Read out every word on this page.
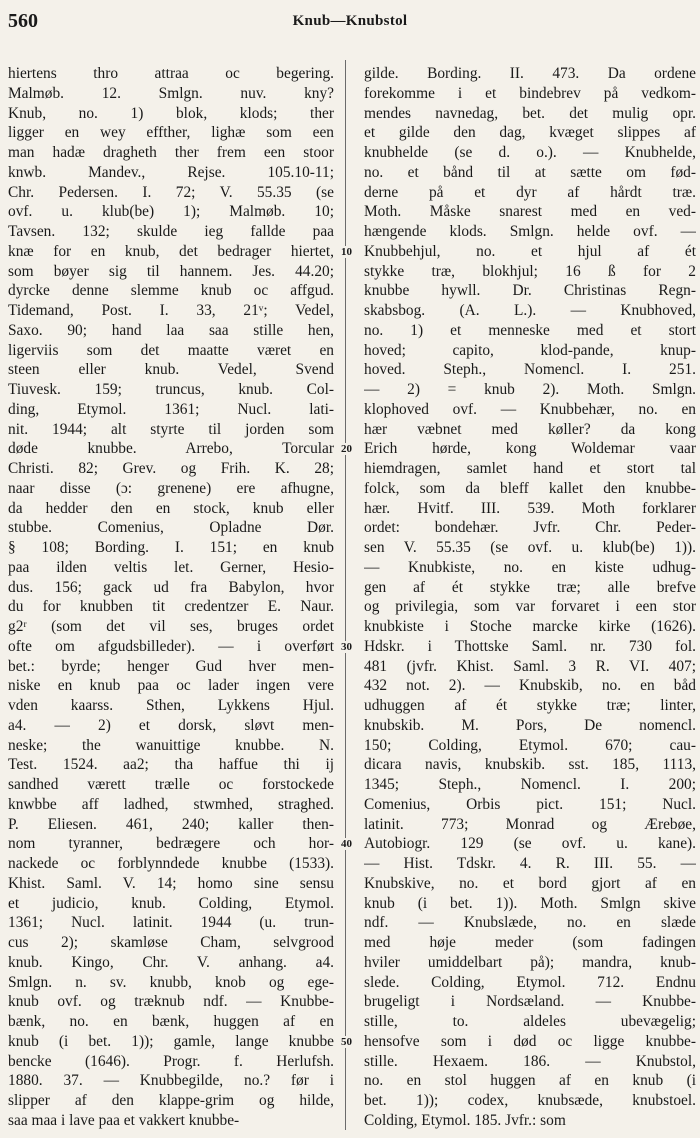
560	Knub—Knubstol
hiertens thro attraa oc begering.
Malmøb. 12. Smlgn. nuv. kny?
Knub, no. 1) blok, klods; ther
ligger en wey effther, lighæ som een
man hadæ dragheth ther frem een stoor
knwb. Mandev., Rejse. 105.10-11;
Chr. Pedersen. I. 72; V. 55.35 (se
ovf. u. klub(be) 1); Malmøb. 10;
Tavsen. 132; skulde ieg fallde paa
knæ for en knub, det bedrager hiertet,
som bøyer sig til hannem. Jes. 44.20;
dyrcke denne slemme knub oc affgud.
Tidemand, Post. I. 33, 21ᵛ; Vedel,
Saxo. 90; hand laa saa stille hen,
ligerviis som det maatte været en
steen eller knub. Vedel, Svend
Tiuvesk. 159; truncus, knub. Col-
ding, Etymol. 1361; Nucl. lati-
nit. 1944; alt styrte til jorden som
døde knubbe. Arrebo, Torcular
Christi. 82; Grev. og Frih. K. 28;
naar disse (ɔ: grenene) ere afhugne,
da hedder den en stock, knub eller
stubbe. Comenius, Opladne Dør.
§ 108; Bording. I. 151; en knub
paa ilden veltis let. Gerner, Hesio-
dus. 156; gack ud fra Babylon, hvor
du for knubben tit credentzer E. Naur.
g2ʳ (som det vil ses, bruges ordet
ofte om afgudsbilleder). — i overført
bet.: byrde; henger Gud hver men-
niske en knub paa oc lader ingen vere
vden kaarss. Sthen, Lykkens Hjul.
a4. — 2) et dorsk, sløvt men-
neske; the wanuittige knubbe. N.
Test. 1524. aa2; tha haffue thi ij
sandhed værett trælle oc forstockede
knwbbe aff ladhed, stwmhed, straghed.
P. Eliesen. 461, 240; kaller then-
nom tyranner, bedrægere och hor-
nackede oc forblynndede knubbe (1533).
Khist. Saml. V. 14; homo sine sensu
et judicio, knub. Colding, Etymol.
1361; Nucl. latinit. 1944 (u. trun-
cus 2); skamløse Cham, selvgrood
knub. Kingo, Chr. V. anhang. a4.
Smlgn. n. sv. knubb, knob og ege-
knub ovf. og træknub ndf. — Knubbe-
bænk, no. en bænk, huggen af en
knub (i bet. 1)); gamle, lange knubbe
bencke (1646). Progr. f. Herlufsh.
1880. 37. — Knubbegilde, no.? før i
slipper af den klappe-grim og hilde,
saa maa i lave paa et vakkert knubbe-
10
20
30
40
50
gilde. Bording. II. 473. Da ordene
forekomme i et bindebrev på vedkom-
mendes navnedag, bet. det mulig opr.
et gilde den dag, kvæget slippes af
knubhelde (se d. o.). — Knubhelde,
no. et bånd til at sætte om fød-
derne på et dyr af hårdt træ.
Moth. Måske snarest med en ved-
hængende klods. Smlgn. helde ovf. —
Knubbehjul, no. et hjul af ét
stykke træ, blokhjul; 16 ß for 2
knubbe hywll. Dr. Christinas Regn-
skabsbog. (A. L.). — Knubhoved,
no. 1) et menneske med et stort
hoved; capito, klod-pande, knup-
hoved. Steph., Nomencl. I. 251.
— 2) = knub 2). Moth. Smlgn.
klophoved ovf. — Knubbehær, no. en
hær væbnet med køller? da kong
Erich hørde, kong Woldemar vaar
hiemdragen, samlet hand et stort tal
folck, som da bleff kallet den knubbe-
hær. Hvitf. III. 539. Moth forklarer
ordet: bondehær. Jvfr. Chr. Peder-
sen V. 55.35 (se ovf. u. klub(be) 1)).
— Knubkiste, no. en kiste udhug-
gen af ét stykke træ; alle brefve
og privilegia, som var forvaret i een stor
knubkiste i Stoche marcke kirke (1626).
Hdskr. i Thottske Saml. nr. 730 fol.
481 (jvfr. Khist. Saml. 3 R. VI. 407;
432 not. 2). — Knubskib, no. en båd
udhuggen af ét stykke træ; linter,
knubskib. M. Pors, De nomencl.
150; Colding, Etymol. 670; cau-
dicara navis, knubskib. sst. 185, 1113,
1345; Steph., Nomencl. I. 200;
Comenius, Orbis pict. 151; Nucl.
latinit. 773; Monrad og Ærebøe,
Autobiogr. 129 (se ovf. u. kane).
— Hist. Tdskr. 4. R. III. 55. —
Knubskive, no. et bord gjort af en
knub (i bet. 1)). Moth. Smlgn skive
ndf. — Knubslæde, no. en slæde
med høje meder (som fadingen
hviler umiddelbart på); mandra, knub-
slede. Colding, Etymol. 712. Endnu
brugeligt i Nordsæland. — Knubbe-
stille, to. aldeles ubevægelig;
hensofve som i død oc ligge knubbe-
stille. Hexaem. 186. — Knubstol,
no. en stol huggen af en knub (i
bet. 1)); codex, knubsæde, knubstoel.
Colding, Etymol. 185. Jvfr.: som
